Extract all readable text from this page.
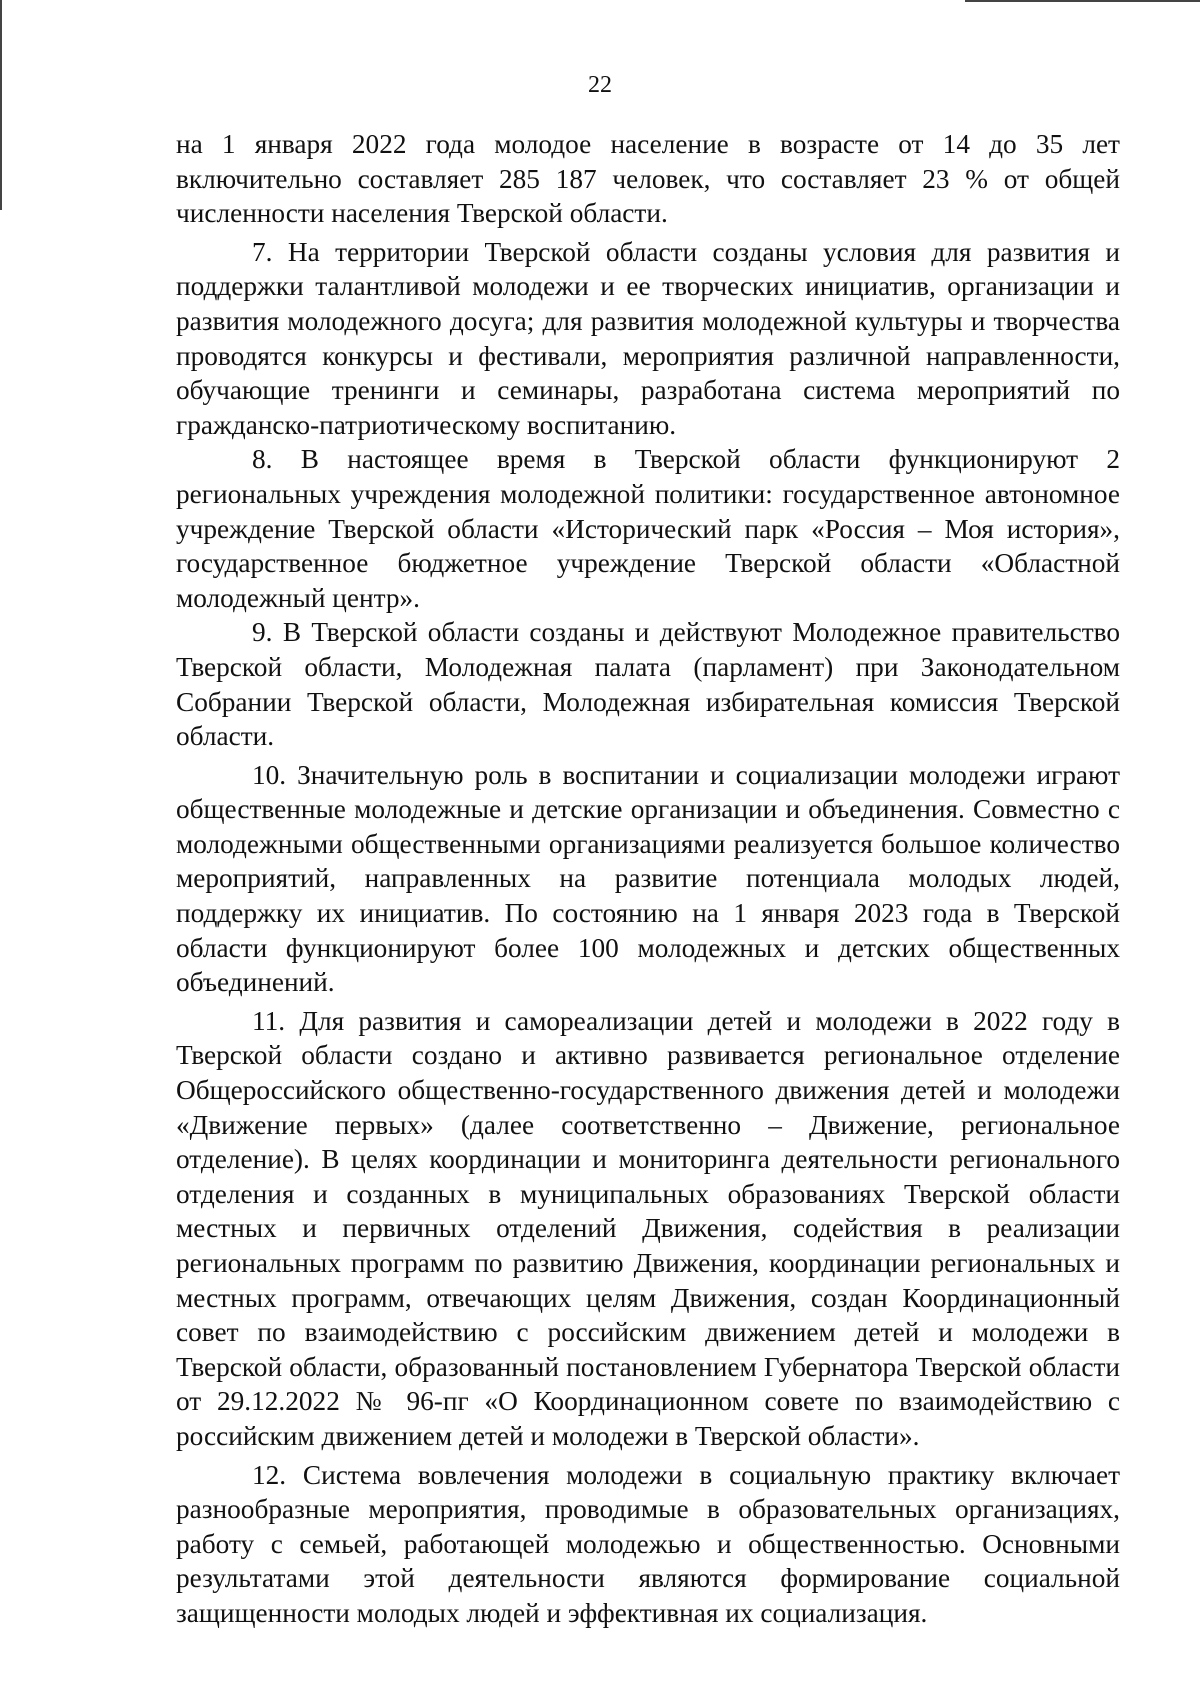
22

на 1 января 2022 года молодое население в возрасте от 14 до 35 лет включительно составляет 285 187 человек, что составляет 23 % от общей численности населения Тверской области.

7. На территории Тверской области созданы условия для развития и поддержки талантливой молодежи и ее творческих инициатив, организации и развития молодежного досуга; для развития молодежной культуры и творчества проводятся конкурсы и фестивали, мероприятия различной направленности, обучающие тренинги и семинары, разработана система мероприятий по гражданско-патриотическому воспитанию.

8. В настоящее время в Тверской области функционируют 2 региональных учреждения молодежной политики: государственное автономное учреждение Тверской области «Исторический парк «Россия – Моя история», государственное бюджетное учреждение Тверской области «Областной молодежный центр».

9. В Тверской области созданы и действуют Молодежное правительство Тверской области, Молодежная палата (парламент) при Законодательном Собрании Тверской области, Молодежная избирательная комиссия Тверской области.

10. Значительную роль в воспитании и социализации молодежи играют общественные молодежные и детские организации и объединения. Совместно с молодежными общественными организациями реализуется большое количество мероприятий, направленных на развитие потенциала молодых людей, поддержку их инициатив. По состоянию на 1 января 2023 года в Тверской области функционируют более 100 молодежных и детских общественных объединений.

11. Для развития и самореализации детей и молодежи в 2022 году в Тверской области создано и активно развивается региональное отделение Общероссийского общественно-государственного движения детей и молодежи «Движение первых» (далее соответственно – Движение, региональное отделение). В целях координации и мониторинга деятельности регионального отделения и созданных в муниципальных образованиях Тверской области местных и первичных отделений Движения, содействия в реализации региональных программ по развитию Движения, координации региональных и местных программ, отвечающих целям Движения, создан Координационный совет по взаимодействию с российским движением детей и молодежи в Тверской области, образованный постановлением Губернатора Тверской области от 29.12.2022 № 96-пг «О Координационном совете по взаимодействию с российским движением детей и молодежи в Тверской области».

12. Система вовлечения молодежи в социальную практику включает разнообразные мероприятия, проводимые в образовательных организациях, работу с семьей, работающей молодежью и общественностью. Основными результатами этой деятельности являются формирование социальной защищенности молодых людей и эффективная их социализация.
